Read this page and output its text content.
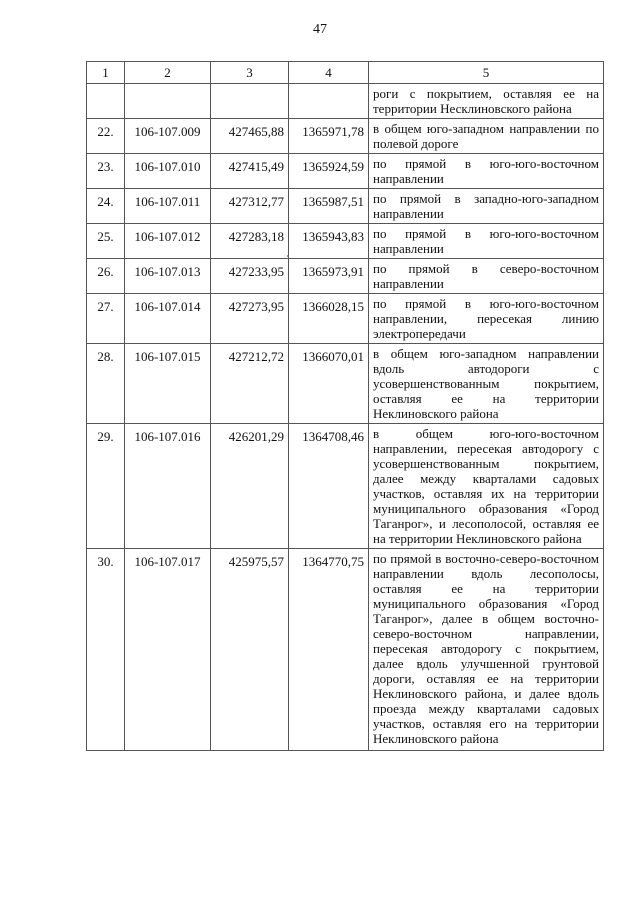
47
1	2	3	4	5
				роги с покрытием, оставляя ее на территории Несклиновского района
22.	106-107.009	427465,88	1365971,78	в общем юго-западном направлении по полевой дороге
23.	106-107.010	427415,49	1365924,59	по прямой в юго-юго-восточном направлении
24.	106-107.011	427312,77	1365987,51	по прямой в западно-юго-западном направлении
25.	106-107.012	427283,18	1365943,83	по прямой в юго-юго-восточном направлении
26.	106-107.013	427233,95	1365973,91	по прямой в северо-восточном направлении
27.	106-107.014	427273,95	1366028,15	по прямой в юго-юго-восточном направлении, пересекая линию электропередачи
28.	106-107.015	427212,72	1366070,01	в общем юго-западном направлении вдоль автодороги с усовершенствованным покрытием, оставляя ее на территории Неклиновского района
29.	106-107.016	426201,29	1364708,46	в общем юго-юго-восточном направлении, пересекая автодорогу с усовершенствованным покрытием, далее между кварталами садовых участков, оставляя их на территории муниципального образования «Город Таганрог», и лесополосой, оставляя ее на территории Неклиновского района
30.	106-107.017	425975,57	1364770,75	по прямой в восточно-северо-восточном направлении вдоль лесополосы, оставляя ее на территории муниципального образования «Город Таганрог», далее в общем восточно-северо-восточном направлении, пересекая автодорогу с покрытием, далее вдоль улучшенной грунтовой дороги, оставляя ее на территории Неклиновского района, и далее вдоль проезда между кварталами садовых участков, оставляя его на территории Неклиновского района
